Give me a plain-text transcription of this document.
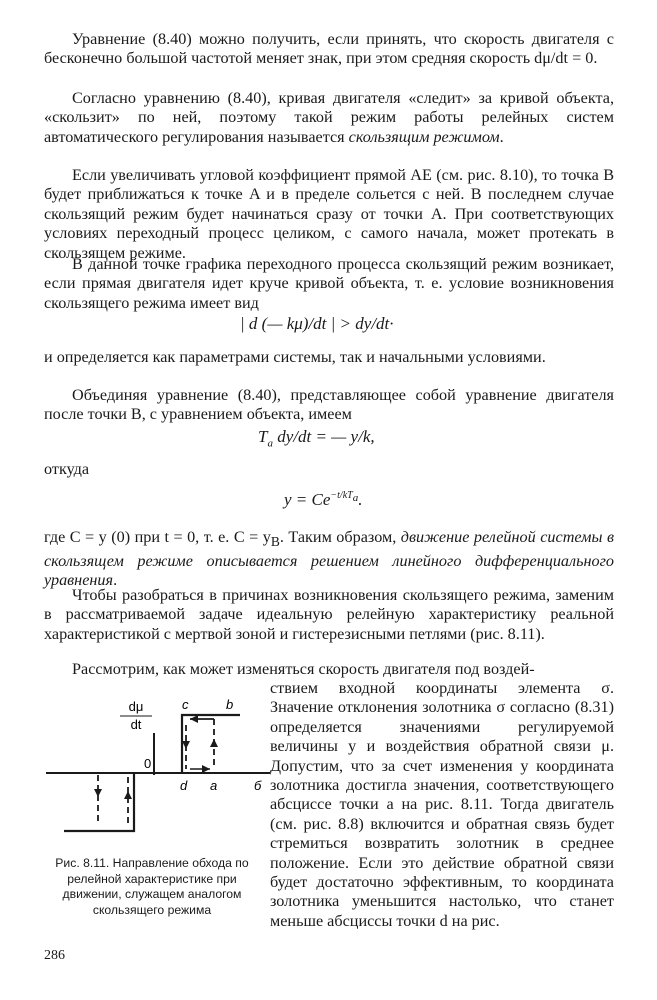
Уравнение (8.40) можно получить, если принять, что скорость двигателя с бесконечно большой частотой меняет знак, при этом средняя скорость dμ/dt = 0.

Согласно уравнению (8.40), кривая двигателя «следит» за кривой объекта, «скользит» по ней, поэтому такой режим работы релейных систем автоматического регулирования называется скользящим режимом.

Если увеличивать угловой коэффициент прямой AE (см. рис. 8.10), то точка B будет приближаться к точке A и в пределе сольется с ней. В последнем случае скользящий режим будет начинаться сразу от точки A. При соответствующих условиях переходный процесс целиком, с самого начала, может протекать в скользящем режиме.

В данной точке графика переходного процесса скользящий режим возникает, если прямая двигателя идет круче кривой объекта, т. е. условие возникновения скользящего режима имеет вид

| d (— kμ)/dt | > dy/dt·

и определяется как параметрами системы, так и начальными условиями.

Объединяя уравнение (8.40), представляющее собой уравнение двигателя после точки B, с уравнением объекта, имеем

$T_a$ dy/dt = — y/k,

откуда

$y = Ce^{-t/kT_a}$.

где C = y (0) при t = 0, т. е. $C = y_B$. Таким образом, движение релейной системы в скользящем режиме описывается решением линейного дифференциального уравнения.

Чтобы разобраться в причинах возникновения скользящего режима, заменим в рассматриваемой задаче идеальную релейную характеристику реальной характеристикой с мертвой зоной и гистерезисными петлями (рис. 8.11).

Рассмотрим, как может изменяться скорость двигателя под воздей-

ствием входной координаты элемента σ. Значение отклонения золотника σ согласно (8.31) определяется значениями регулируемой величины y и воздействия обратной связи μ. Допустим, что за счет изменения y координата золотника достигла значения, соответствующего абсциссе точки a на рис. 8.11. Тогда двигатель (см. рис. 8.8) включится и обратная связь будет стремиться возвратить золотник в среднее положение. Если это действие обратной связи будет достаточно эффективным, то координата золотника уменьшится настолько, что станет меньше абсциссы точки d на рис.

dμ
dt
0
c	b
d a	б
Рис. 8.11. Направление обхода по релейной характеристике при движении, служащем аналогом скользящего режима
286
